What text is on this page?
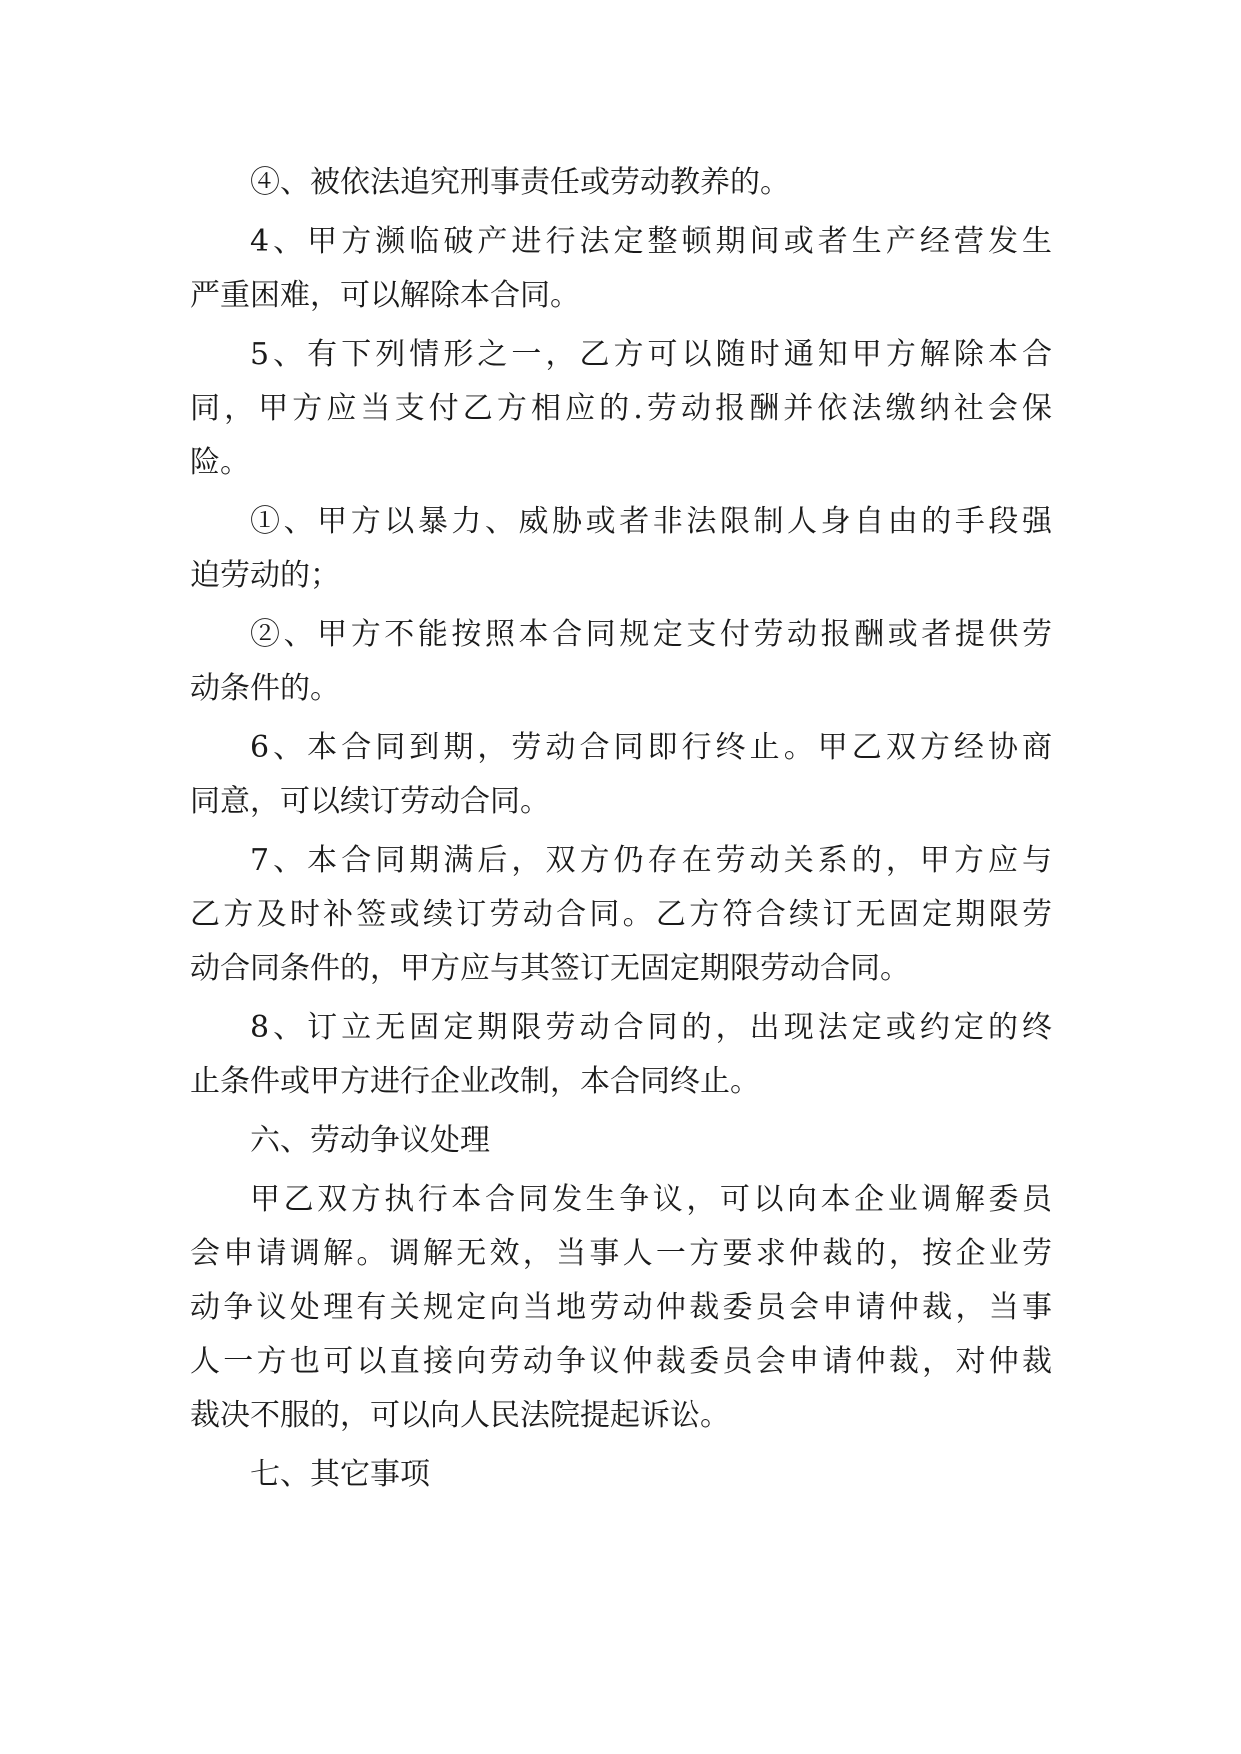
④、被依法追究刑事责任或劳动教养的。
4、甲方濒临破产进行法定整顿期间或者生产经营发生
严重困难，可以解除本合同。
5、有下列情形之一，乙方可以随时通知甲方解除本合
同，甲方应当支付乙方相应的.劳动报酬并依法缴纳社会保
险。
①、甲方以暴力、威胁或者非法限制人身自由的手段强
迫劳动的；
②、甲方不能按照本合同规定支付劳动报酬或者提供劳
动条件的。
6、本合同到期，劳动合同即行终止。甲乙双方经协商
同意，可以续订劳动合同。
7、本合同期满后，双方仍存在劳动关系的，甲方应与
乙方及时补签或续订劳动合同。乙方符合续订无固定期限劳
动合同条件的，甲方应与其签订无固定期限劳动合同。
8、订立无固定期限劳动合同的，出现法定或约定的终
止条件或甲方进行企业改制，本合同终止。
六、劳动争议处理
甲乙双方执行本合同发生争议，可以向本企业调解委员
会申请调解。调解无效，当事人一方要求仲裁的，按企业劳
动争议处理有关规定向当地劳动仲裁委员会申请仲裁，当事
人一方也可以直接向劳动争议仲裁委员会申请仲裁，对仲裁
裁决不服的，可以向人民法院提起诉讼。
七、其它事项
